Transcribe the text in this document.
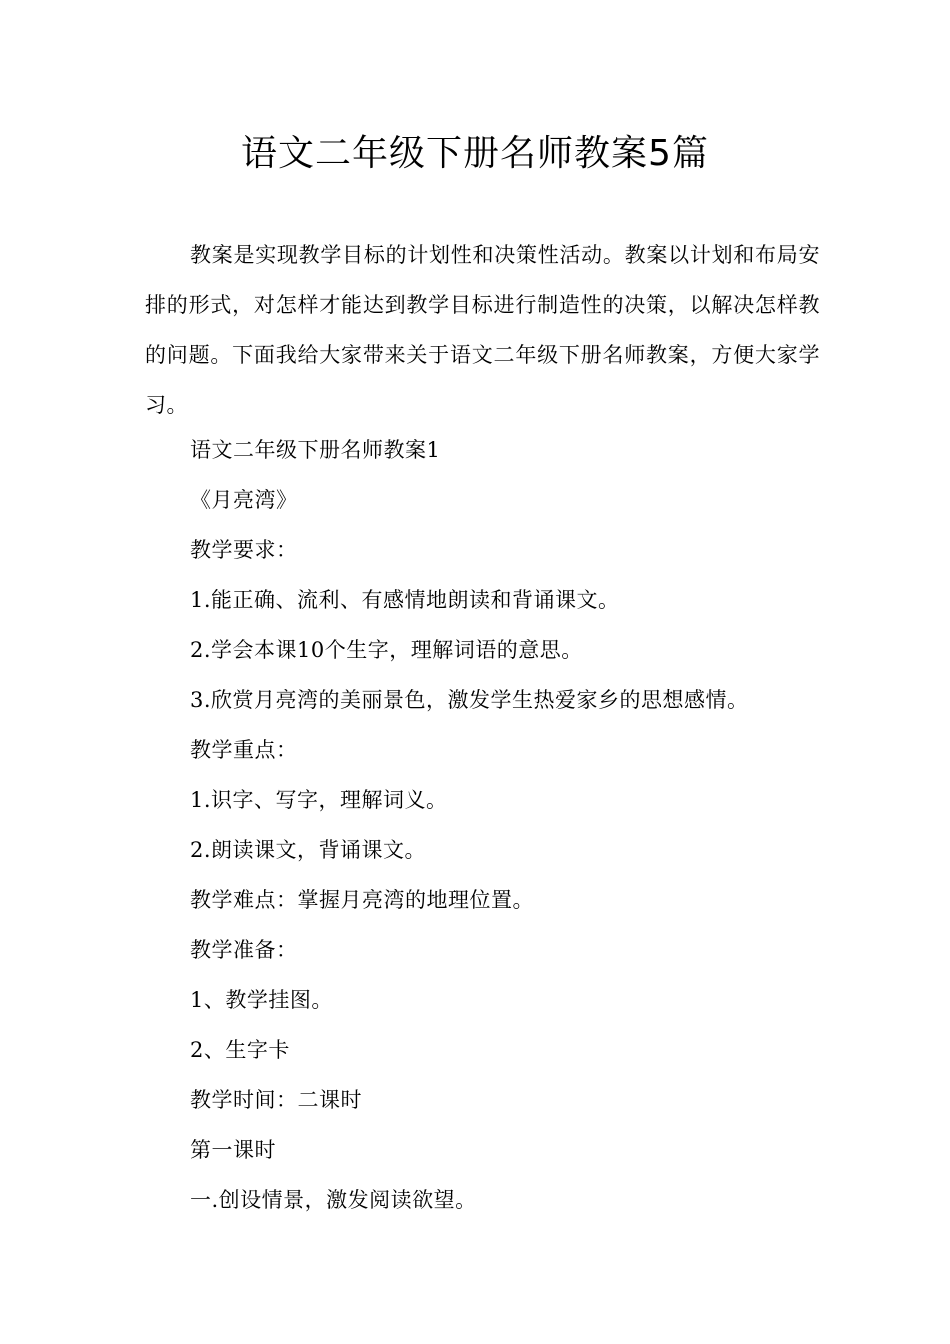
语文二年级下册名师教案5篇

教案是实现教学目标的计划性和决策性活动。教案以计划和布局安排的形式，对怎样才能达到教学目标进行制造性的决策，以解决怎样教的问题。下面我给大家带来关于语文二年级下册名师教案，方便大家学习。

语文二年级下册名师教案1

《月亮湾》

教学要求：

1.能正确、流利、有感情地朗读和背诵课文。

2.学会本课10个生字，理解词语的意思。

3.欣赏月亮湾的美丽景色，激发学生热爱家乡的思想感情。

教学重点：

1.识字、写字，理解词义。

2.朗读课文，背诵课文。

教学难点：掌握月亮湾的地理位置。

教学准备：

1、教学挂图。

2、生字卡

教学时间：二课时

第一课时

一.创设情景，激发阅读欲望。
